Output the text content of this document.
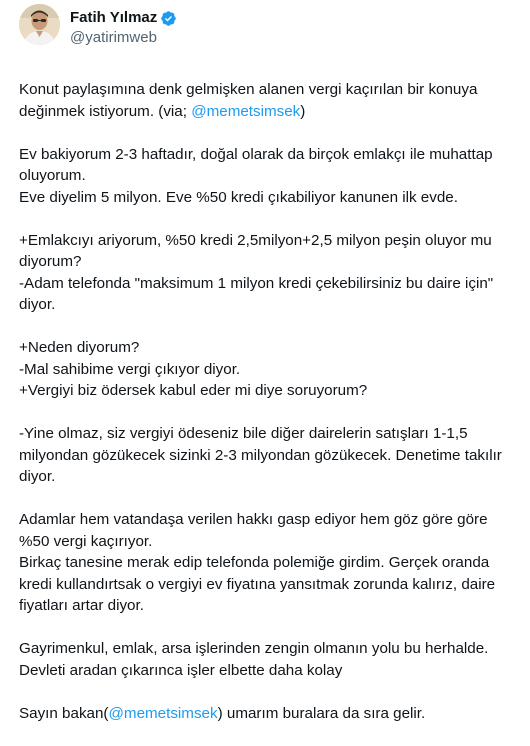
Fatih Yılmaz
@yatirimweb
Konut paylaşımına denk gelmişken alanen vergi kaçırılan bir konuya
değinmek istiyorum. (via; @memetsimsek)
Ev bakiyorum 2-3 haftadır, doğal olarak da birçok emlakçı ile muhattap
oluyorum.
Eve diyelim 5 milyon. Eve %50 kredi çıkabiliyor kanunen ilk evde.
+Emlakcıyı ariyorum, %50 kredi 2,5milyon+2,5 milyon peşin oluyor mu
diyorum?
-Adam telefonda "maksimum 1 milyon kredi çekebilirsiniz bu daire için"
diyor.
+Neden diyorum?
-Mal sahibime vergi çıkıyor diyor.
+Vergiyi biz ödersek kabul eder mi diye soruyorum?
-Yine olmaz, siz vergiyi ödeseniz bile diğer dairelerin satışları 1-1,5
milyondan gözükecek sizinki 2-3 milyondan gözükecek. Denetime takılır
diyor.
Adamlar hem vatandaşa verilen hakkı gasp ediyor hem göz göre göre
%50 vergi kaçırıyor.
Birkaç tanesine merak edip telefonda polemiğe girdim. Gerçek oranda
kredi kullandırtsak o vergiyi ev fiyatına yansıtmak zorunda kalırız, daire
fiyatları artar diyor.
Gayrimenkul, emlak, arsa işlerinden zengin olmanın yolu bu herhalde.
Devleti aradan çıkarınca işler elbette daha kolay
Sayın bakan(@memetsimsek) umarım buralara da sıra gelir.
